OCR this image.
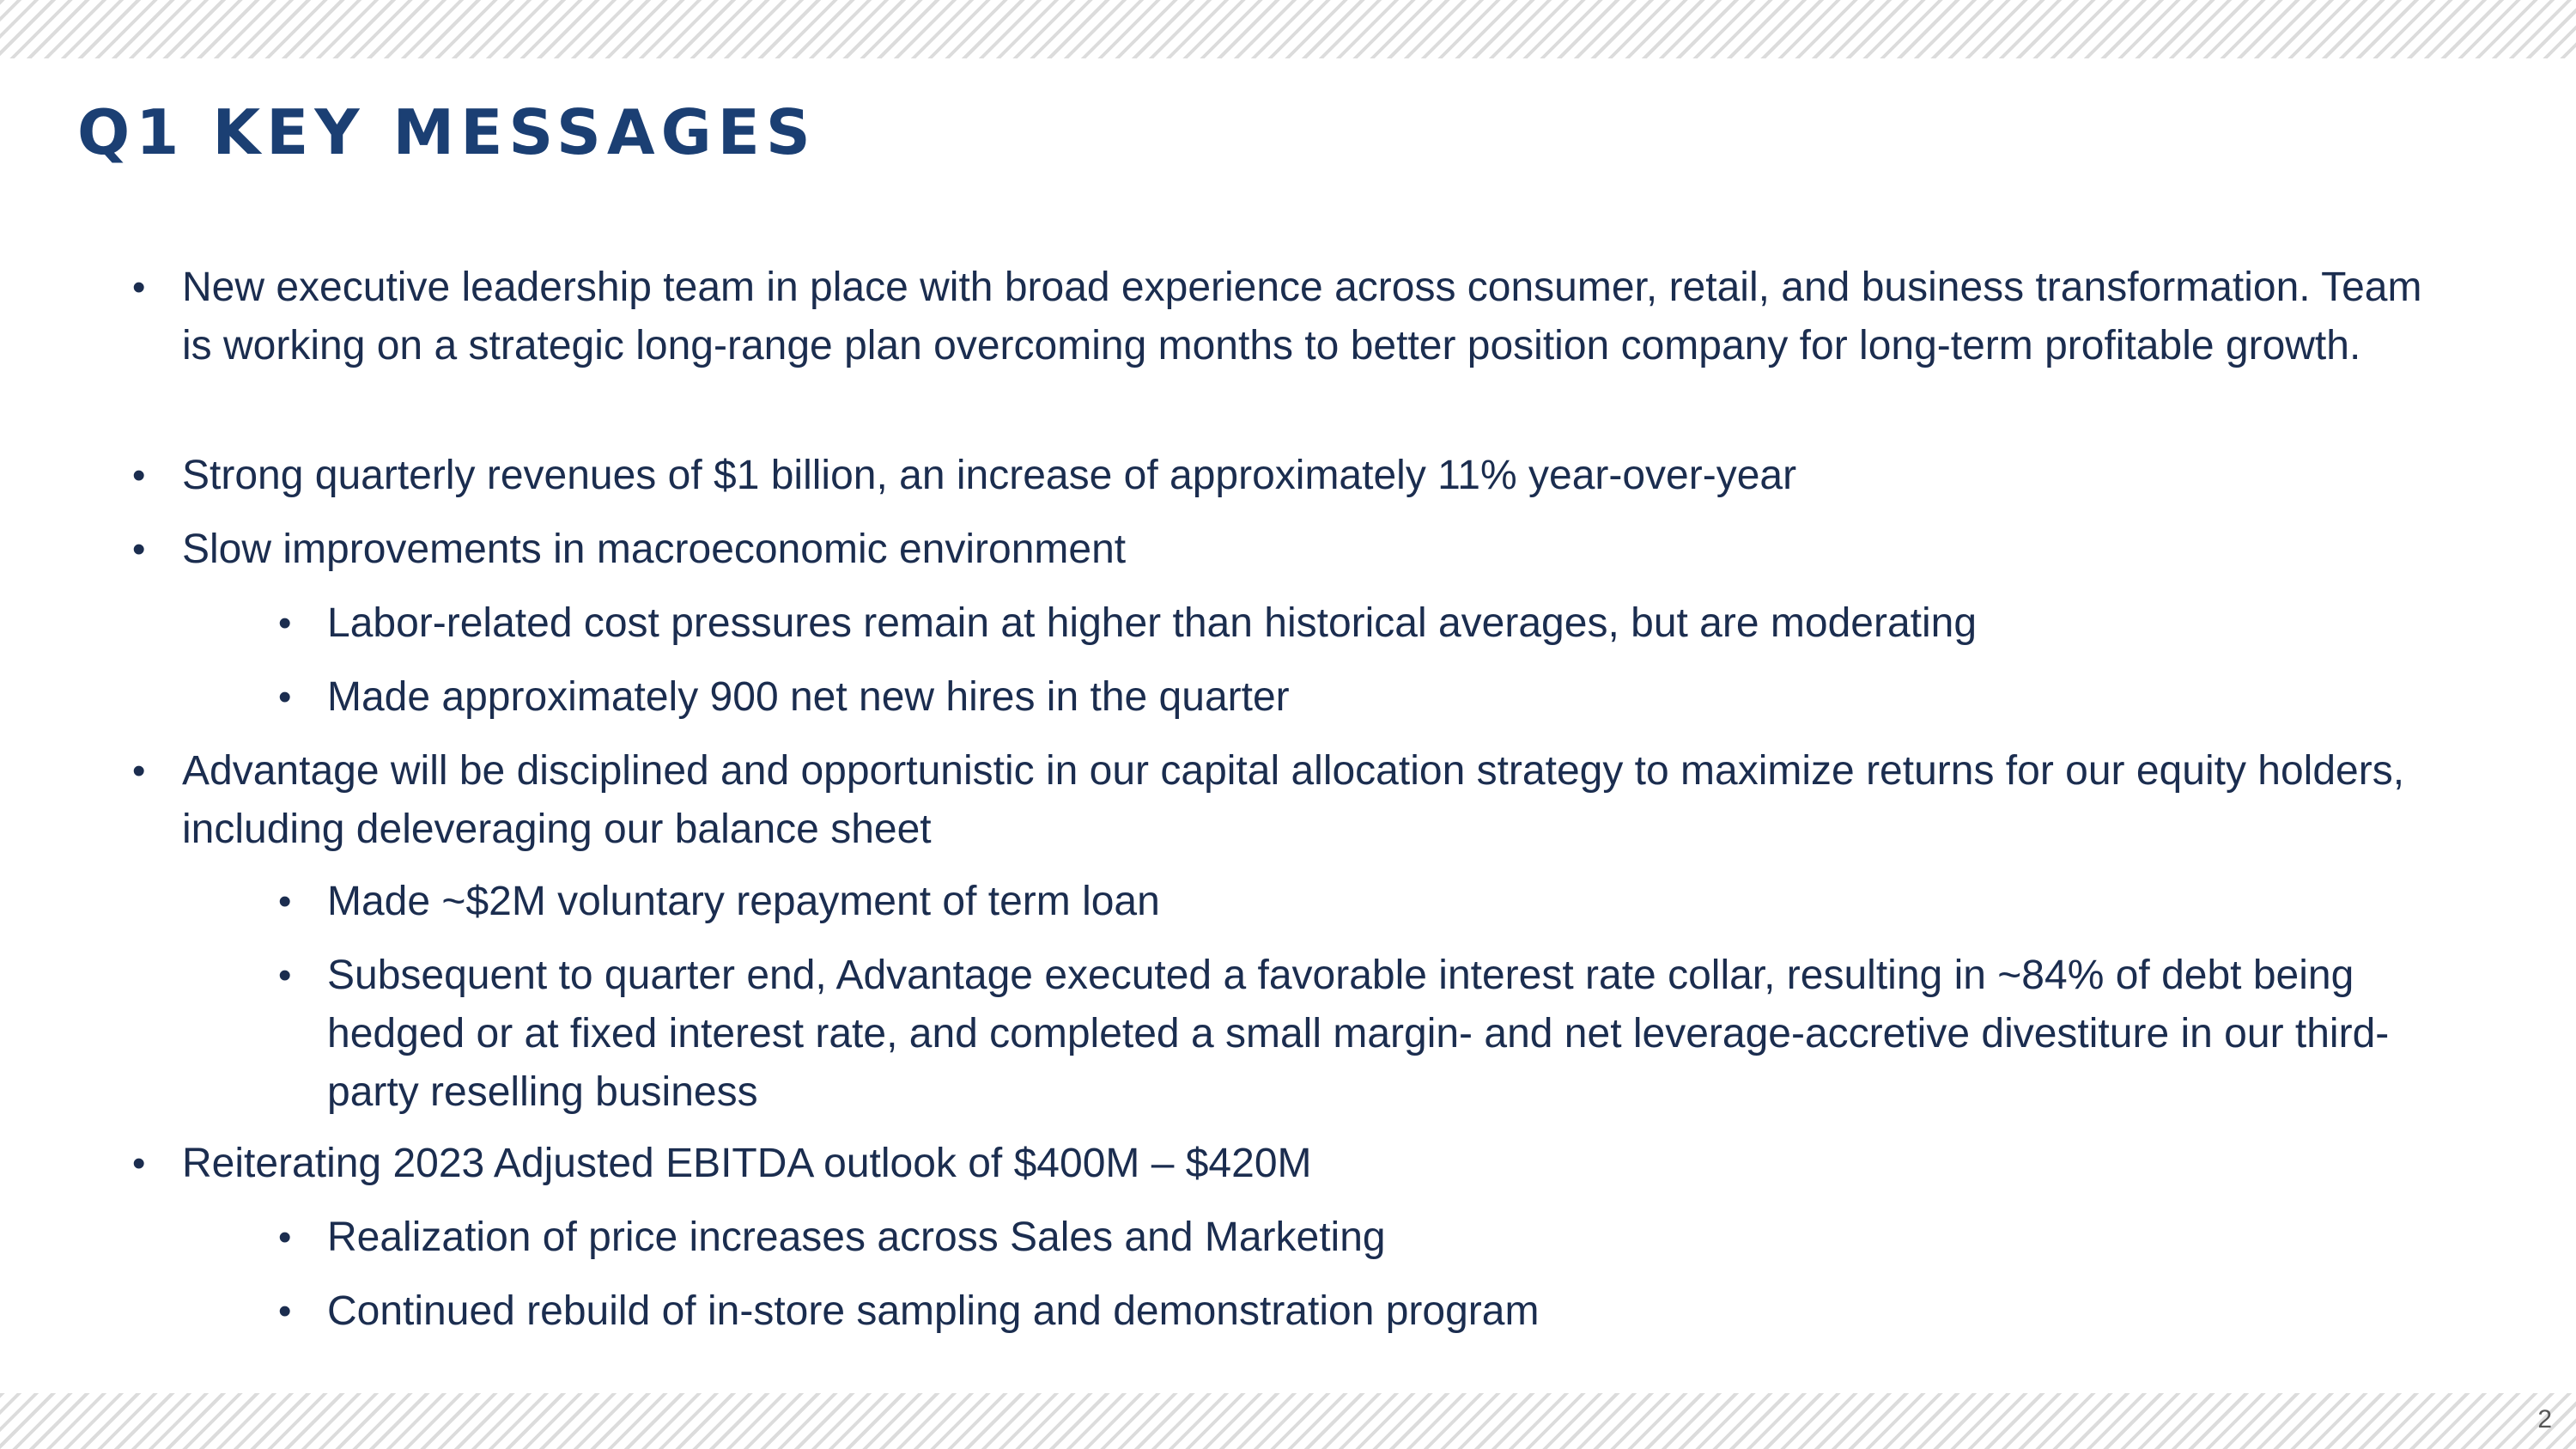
Q1 KEY MESSAGES
• New executive leadership team in place with broad experience across consumer, retail, and business transformation. Team is working on a strategic long-range plan overcoming months to better position company for long-term profitable growth.
• Strong quarterly revenues of $1 billion, an increase of approximately 11% year-over-year
• Slow improvements in macroeconomic environment
• Labor-related cost pressures remain at higher than historical averages, but are moderating
• Made approximately 900 net new hires in the quarter
• Advantage will be disciplined and opportunistic in our capital allocation strategy to maximize returns for our equity holders, including deleveraging our balance sheet
• Made ~$2M voluntary repayment of term loan
• Subsequent to quarter end, Advantage executed a favorable interest rate collar, resulting in ~84% of debt being hedged or at fixed interest rate, and completed a small margin- and net leverage-accretive divestiture in our third-party reselling business
• Reiterating 2023 Adjusted EBITDA outlook of $400M – $420M
• Realization of price increases across Sales and Marketing
• Continued rebuild of in-store sampling and demonstration program
2
